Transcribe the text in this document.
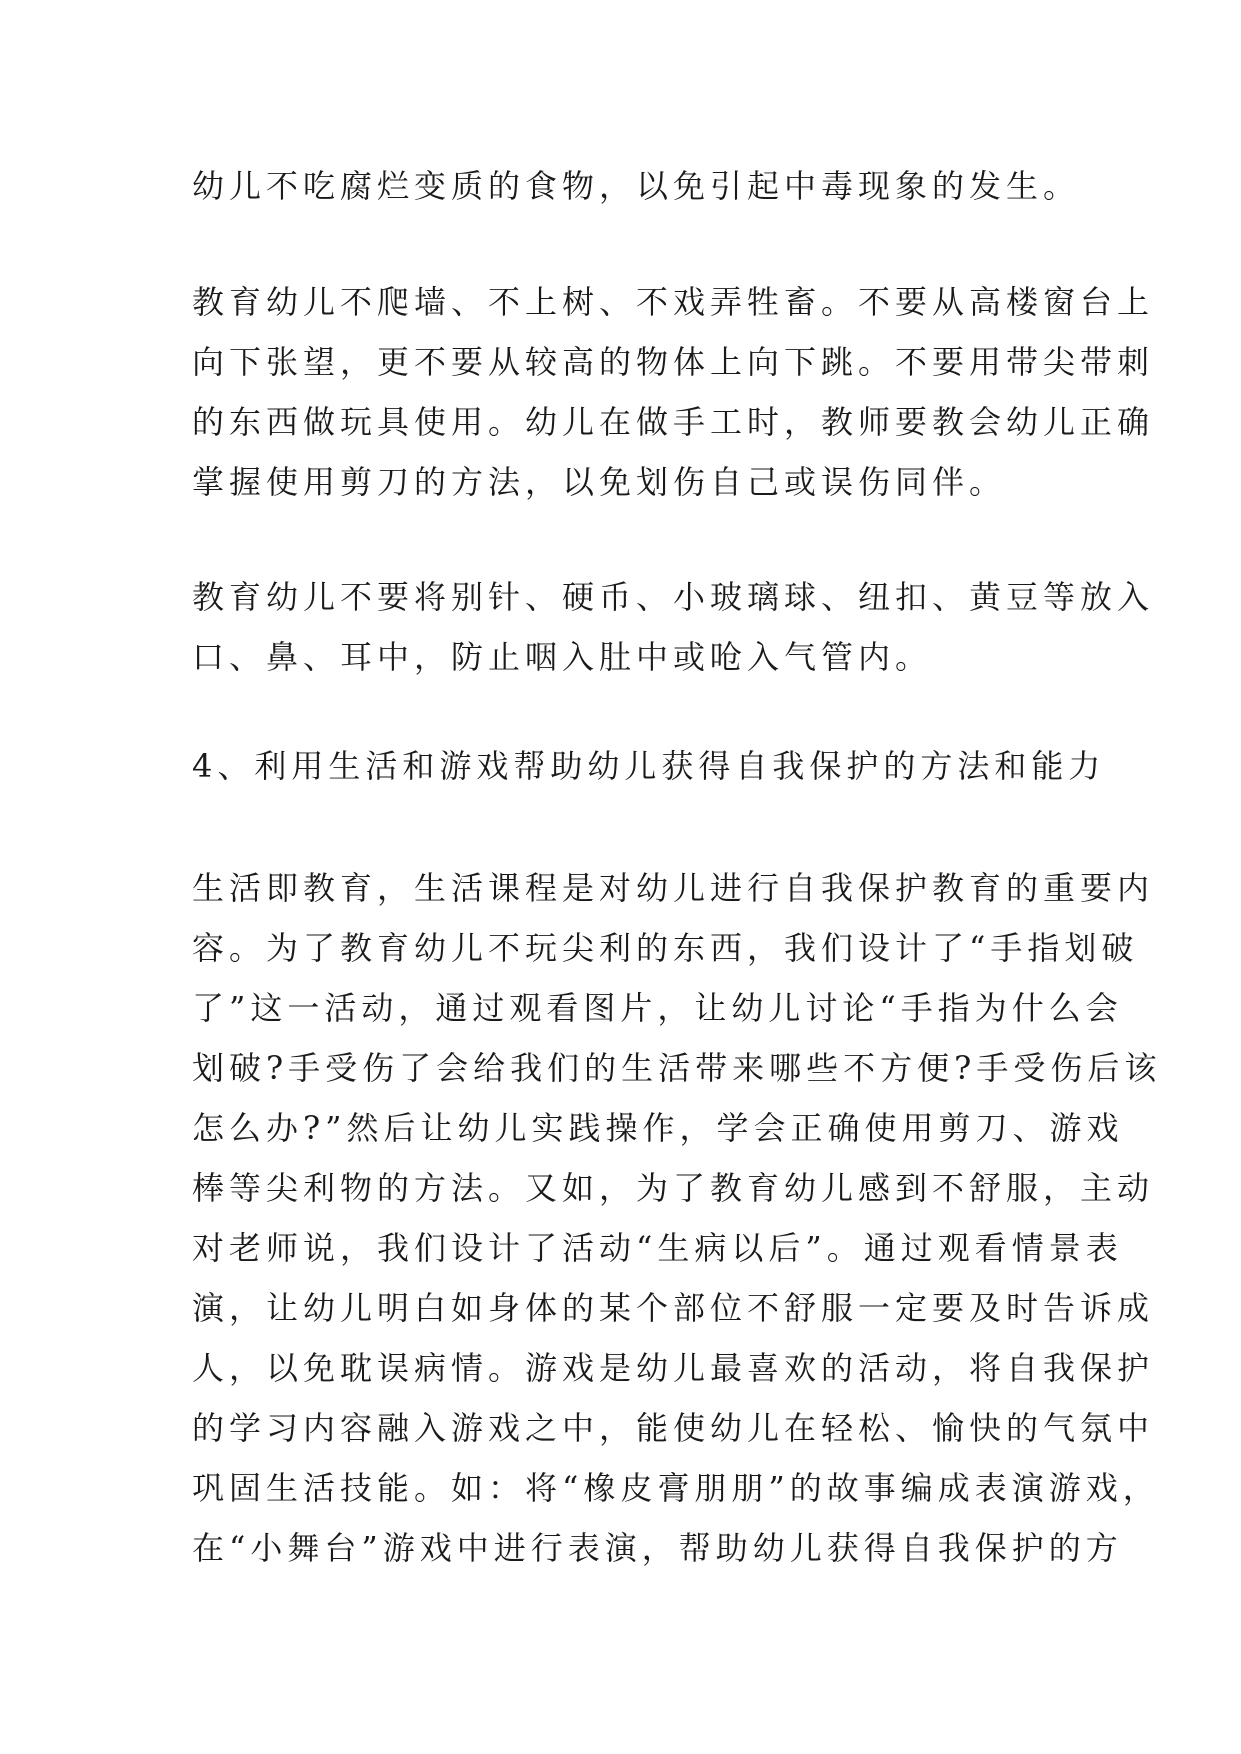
幼儿不吃腐烂变质的食物，以免引起中毒现象的发生。
教育幼儿不爬墙、不上树、不戏弄牲畜。不要从高楼窗台上
向下张望，更不要从较高的物体上向下跳。不要用带尖带刺
的东西做玩具使用。幼儿在做手工时，教师要教会幼儿正确
掌握使用剪刀的方法，以免划伤自己或误伤同伴。
教育幼儿不要将别针、硬币、小玻璃球、纽扣、黄豆等放入
口、鼻、耳中，防止咽入肚中或呛入气管内。
4、利用生活和游戏帮助幼儿获得自我保护的方法和能力
生活即教育，生活课程是对幼儿进行自我保护教育的重要内
容。为了教育幼儿不玩尖利的东西，我们设计了“手指划破
了”这一活动，通过观看图片，让幼儿讨论“手指为什么会
划破?手受伤了会给我们的生活带来哪些不方便?手受伤后该
怎么办?”然后让幼儿实践操作，学会正确使用剪刀、游戏
棒等尖利物的方法。又如，为了教育幼儿感到不舒服，主动
对老师说，我们设计了活动“生病以后”。通过观看情景表
演，让幼儿明白如身体的某个部位不舒服一定要及时告诉成
人，以免耽误病情。游戏是幼儿最喜欢的活动，将自我保护
的学习内容融入游戏之中，能使幼儿在轻松、愉快的气氛中
巩固生活技能。如：将“橡皮膏朋朋”的故事编成表演游戏，
在“小舞台”游戏中进行表演，帮助幼儿获得自我保护的方
